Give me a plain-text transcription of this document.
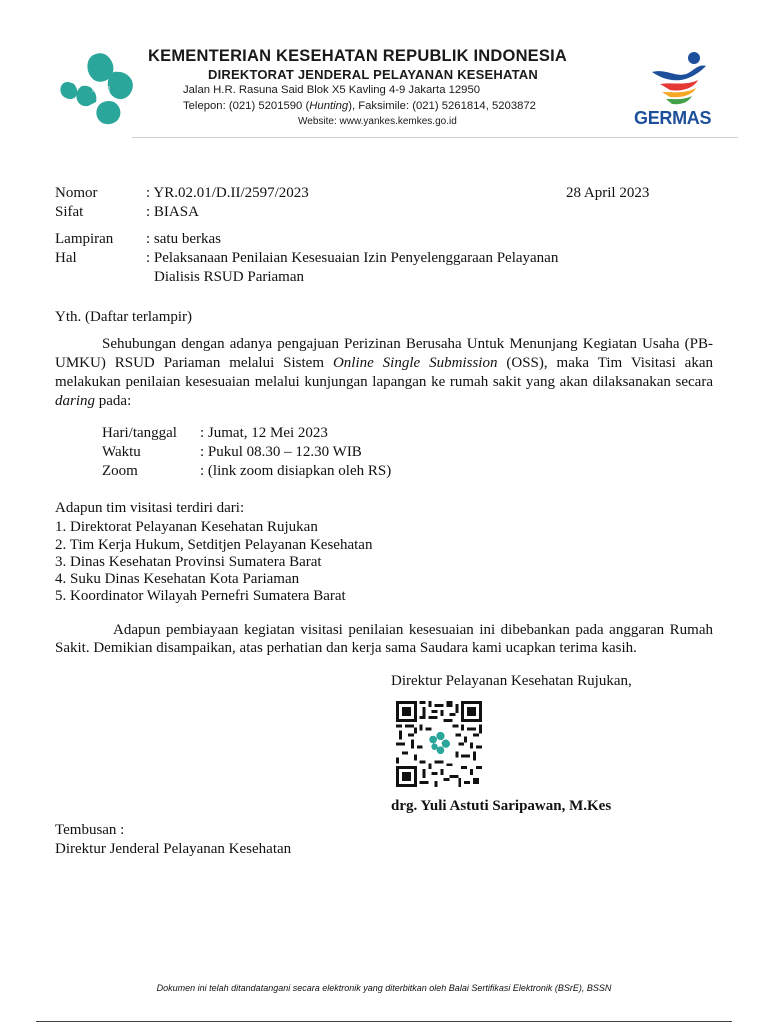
KEMENTERIAN KESEHATAN REPUBLIK INDONESIA
DIREKTORAT JENDERAL PELAYANAN KESEHATAN
Jalan H.R. Rasuna Said Blok X5 Kavling 4-9 Jakarta 12950
Telepon: (021) 5201590 (Hunting), Faksimile: (021) 5261814, 5203872
Website: www.yankes.kemkes.go.id	GERMAS
Nomor	: YR.02.01/D.II/2597/2023	28 April 2023
Sifat	: BIASA
Lampiran : satu berkas
Hal	: Pelaksanaan Penilaian Kesesuaian Izin Penyelenggaraan Pelayanan
Dialisis RSUD Pariaman
Yth. (Daftar terlampir)
Sehubungan dengan adanya pengajuan Perizinan Berusaha Untuk Menunjang Kegiatan Usaha (PB-UMKU) RSUD Pariaman melalui Sistem Online Single Submission (OSS), maka Tim Visitasi akan melakukan penilaian kesesuaian melalui kunjungan lapangan ke rumah sakit yang akan dilaksanakan secara daring pada:
Hari/tanggal : Jumat, 12 Mei 2023
Waktu	: Pukul 08.30 – 12.30 WIB
Zoom	: (link zoom disiapkan oleh RS)
Adapun tim visitasi terdiri dari:
1. Direktorat Pelayanan Kesehatan Rujukan
2. Tim Kerja Hukum, Setditjen Pelayanan Kesehatan
3. Dinas Kesehatan Provinsi Sumatera Barat
4. Suku Dinas Kesehatan Kota Pariaman
5. Koordinator Wilayah Pernefri Sumatera Barat
Adapun pembiayaan kegiatan visitasi penilaian kesesuaian ini dibebankan pada anggaran Rumah Sakit. Demikian disampaikan, atas perhatian dan kerja sama Saudara kami ucapkan terima kasih.
Direktur Pelayanan Kesehatan Rujukan,
drg. Yuli Astuti Saripawan, M.Kes
Tembusan :
Direktur Jenderal Pelayanan Kesehatan
Dokumen ini telah ditandatangani secara elektronik yang diterbitkan oleh Balai Sertifikasi Elektronik (BSrE), BSSN
